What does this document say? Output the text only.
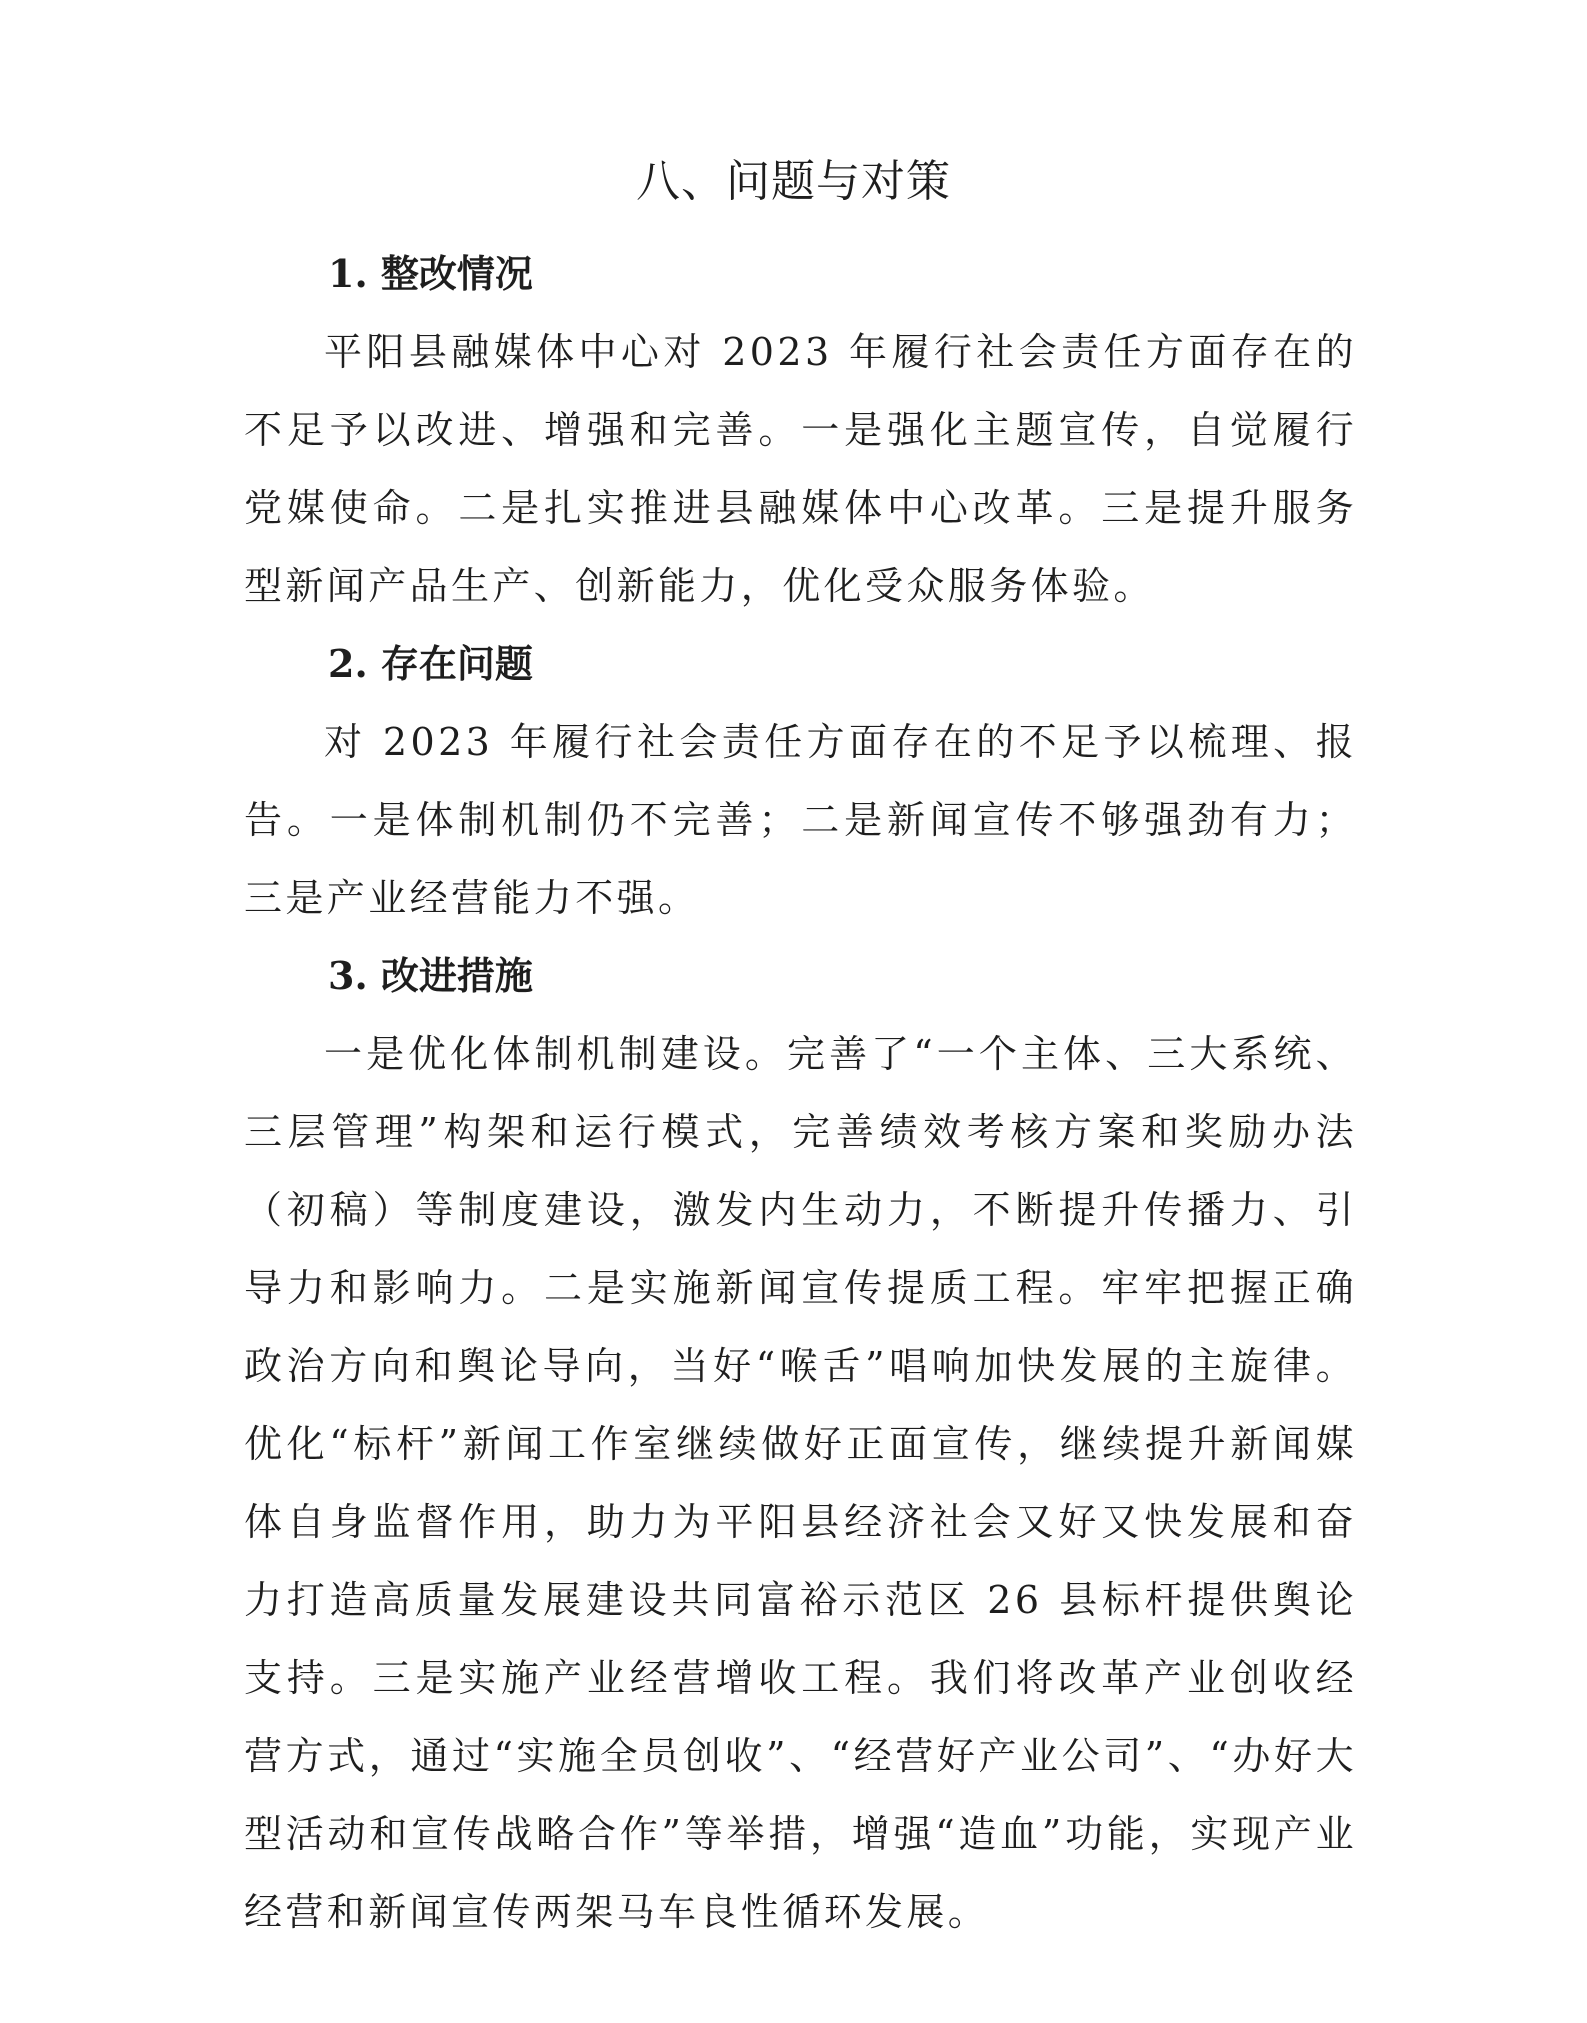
八、问题与对策
1. 整改情况

平阳县融媒体中心对 2023 年履行社会责任方面存在的不足予以改进、增强和完善。一是强化主题宣传，自觉履行党媒使命。二是扎实推进县融媒体中心改革。三是提升服务型新闻产品生产、创新能力，优化受众服务体验。

2. 存在问题

对 2023 年履行社会责任方面存在的不足予以梳理、报告。一是体制机制仍不完善；二是新闻宣传不够强劲有力；三是产业经营能力不强。

3. 改进措施

一是优化体制机制建设。完善了“一个主体、三大系统、三层管理”构架和运行模式，完善绩效考核方案和奖励办法（初稿）等制度建设，激发内生动力，不断提升传播力、引导力和影响力。二是实施新闻宣传提质工程。牢牢把握正确政治方向和舆论导向，当好“喉舌”唱响加快发展的主旋律。优化“标杆”新闻工作室继续做好正面宣传，继续提升新闻媒体自身监督作用，助力为平阳县经济社会又好又快发展和奋力打造高质量发展建设共同富裕示范区 26 县标杆提供舆论支持。三是实施产业经营增收工程。我们将改革产业创收经营方式，通过“实施全员创收”、“经营好产业公司”、“办好大型活动和宣传战略合作”等举措，增强“造血”功能，实现产业经营和新闻宣传两架马车良性循环发展。
